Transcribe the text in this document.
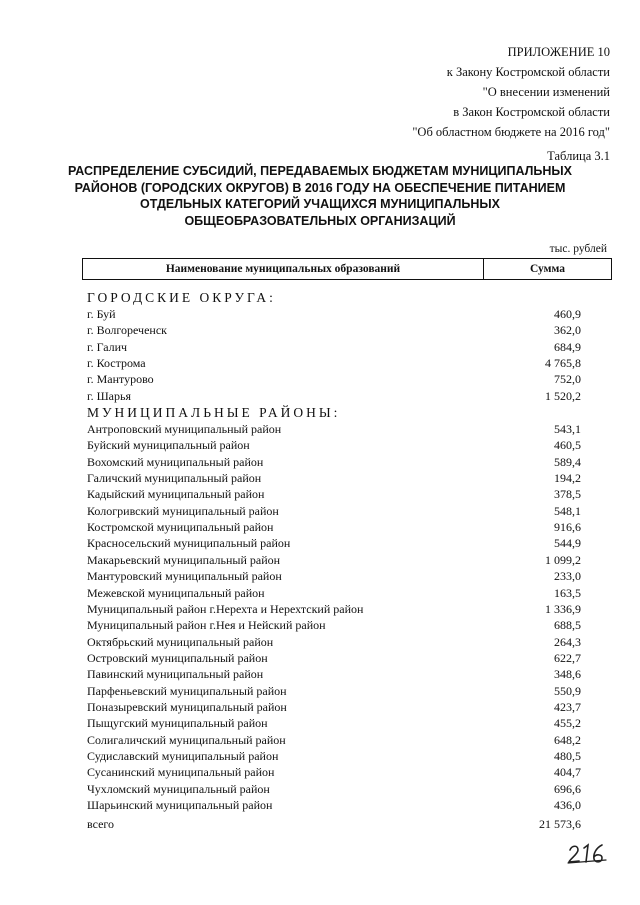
ПРИЛОЖЕНИЕ 10
к Закону Костромской области
"О внесении изменений
в Закон Костромской области
"Об областном бюджете на 2016 год"
Таблица 3.1
РАСПРЕДЕЛЕНИЕ СУБСИДИЙ, ПЕРЕДАВАЕМЫХ БЮДЖЕТАМ МУНИЦИПАЛЬНЫХ РАЙОНОВ (ГОРОДСКИХ ОКРУГОВ) В 2016 ГОДУ НА ОБЕСПЕЧЕНИЕ ПИТАНИЕМ ОТДЕЛЬНЫХ КАТЕГОРИЙ УЧАЩИХСЯ МУНИЦИПАЛЬНЫХ ОБЩЕОБРАЗОВАТЕЛЬНЫХ ОРГАНИЗАЦИЙ
тыс. рублей
Наименование муниципальных образований	Сумма
ГОРОДСКИЕ ОКРУГА:
г. Буй	460,9
г. Волгореченск	362,0
г. Галич	684,9
г. Кострома	4 765,8
г. Мантурово	752,0
г. Шарья	1 520,2
МУНИЦИПАЛЬНЫЕ РАЙОНЫ:
Антроповский муниципальный район	543,1
Буйский муниципальный район	460,5
Вохомский муниципальный район	589,4
Галичский муниципальный район	194,2
Кадыйский муниципальный район	378,5
Кологривский муниципальный район	548,1
Костромской муниципальный район	916,6
Красносельский муниципальный район	544,9
Макарьевский муниципальный район	1 099,2
Мантуровский муниципальный район	233,0
Межевской муниципальный район	163,5
Муниципальный район г.Нерехта и Нерехтский район	1 336,9
Муниципальный район г.Нея и Нейский район	688,5
Октябрьский муниципальный район	264,3
Островский муниципальный район	622,7
Павинский муниципальный район	348,6
Парфеньевский муниципальный район	550,9
Поназыревский муниципальный район	423,7
Пыщугский муниципальный район	455,2
Солигаличский муниципальный район	648,2
Судиславский муниципальный район	480,5
Сусанинский муниципальный район	404,7
Чухломский муниципальный район	696,6
Шарьинский муниципальный район	436,0
всего	21 573,6
